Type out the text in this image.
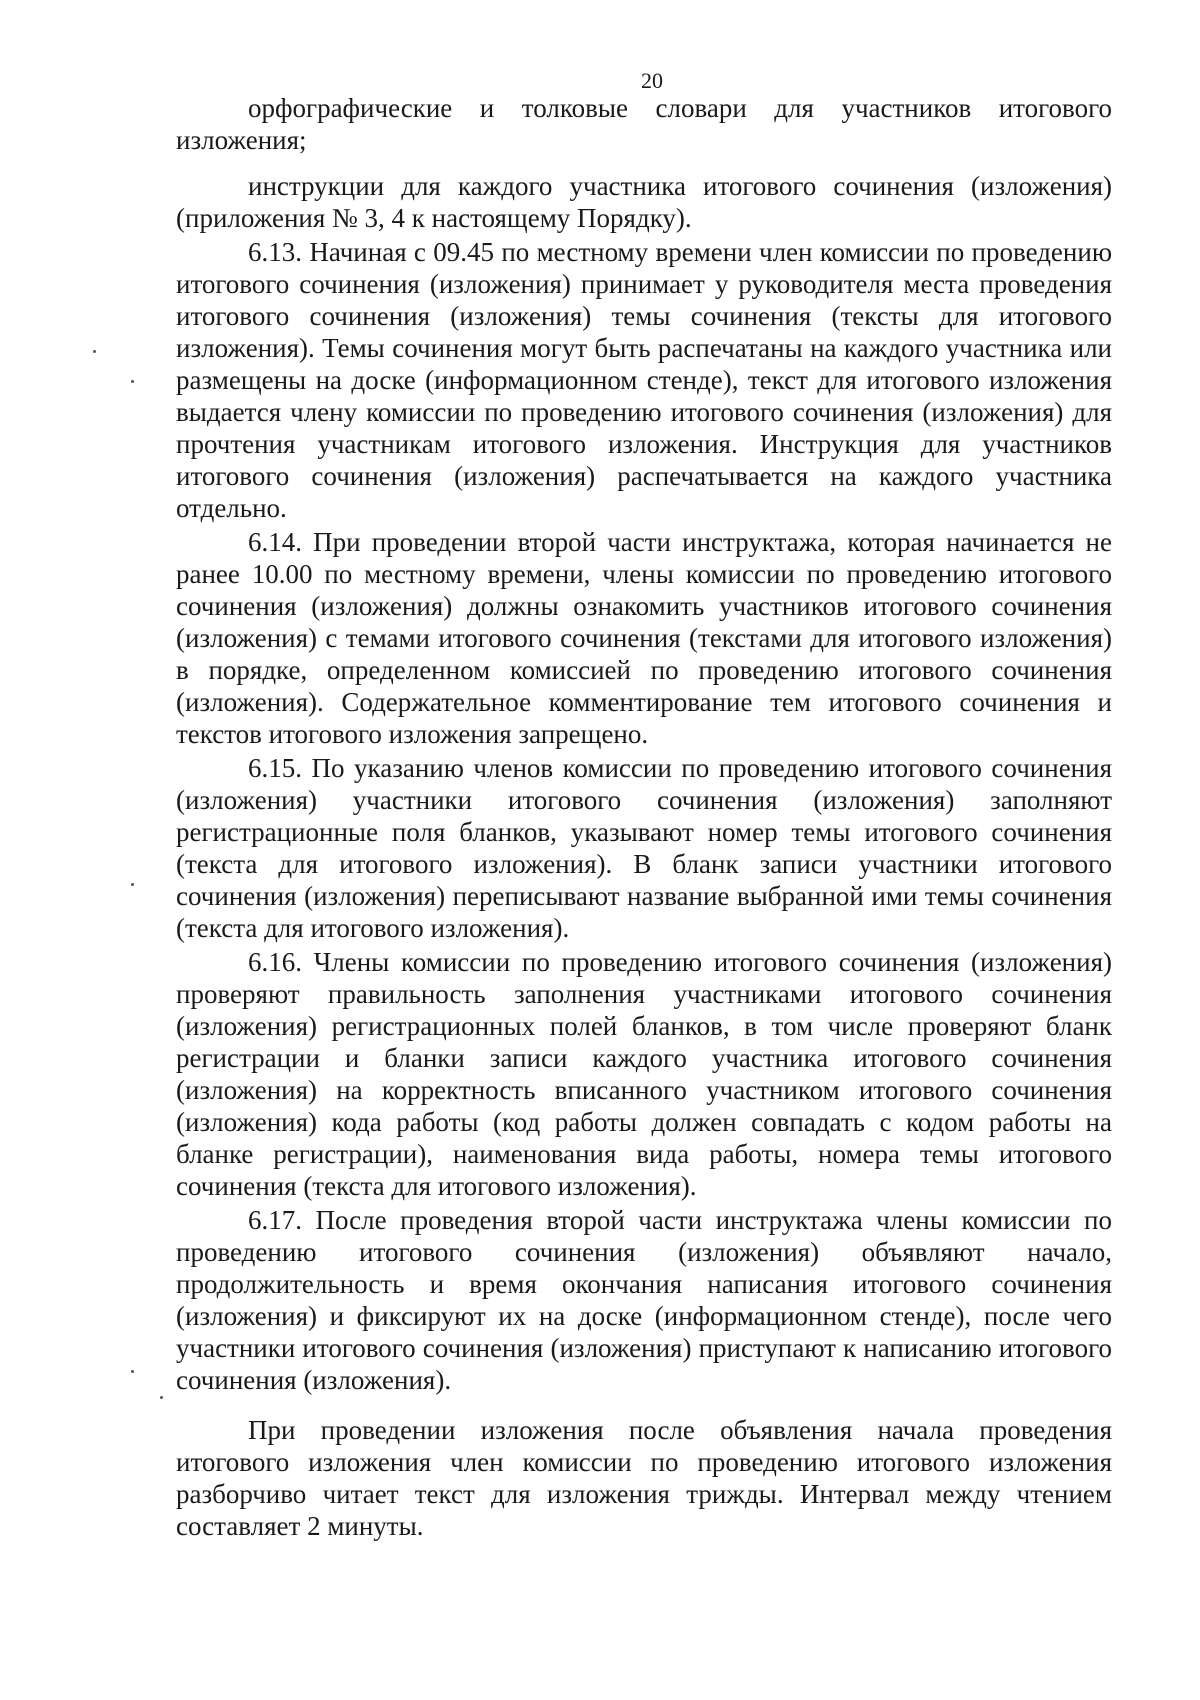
20

орфографические и толковые словари для участников итогового изложения;

инструкции для каждого участника итогового сочинения (изложения) (приложения № 3, 4 к настоящему Порядку).

6.13. Начиная с 09.45 по местному времени член комиссии по проведению итогового сочинения (изложения) принимает у руководителя места проведения итогового сочинения (изложения) темы сочинения (тексты для итогового изложения). Темы сочинения могут быть распечатаны на каждого участника или размещены на доске (информационном стенде), текст для итогового изложения выдается члену комиссии по проведению итогового сочинения (изложения) для прочтения участникам итогового изложения. Инструкция для участников итогового сочинения (изложения) распечатывается на каждого участника отдельно.

6.14. При проведении второй части инструктажа, которая начинается не ранее 10.00 по местному времени, члены комиссии по проведению итогового сочинения (изложения) должны ознакомить участников итогового сочинения (изложения) с темами итогового сочинения (текстами для итогового изложения) в порядке, определенном комиссией по проведению итогового сочинения (изложения). Содержательное комментирование тем итогового сочинения и текстов итогового изложения запрещено.

6.15. По указанию членов комиссии по проведению итогового сочинения (изложения) участники итогового сочинения (изложения) заполняют регистрационные поля бланков, указывают номер темы итогового сочинения (текста для итогового изложения). В бланк записи участники итогового сочинения (изложения) переписывают название выбранной ими темы сочинения (текста для итогового изложения).

6.16. Члены комиссии по проведению итогового сочинения (изложения) проверяют правильность заполнения участниками итогового сочинения (изложения) регистрационных полей бланков, в том числе проверяют бланк регистрации и бланки записи каждого участника итогового сочинения (изложения) на корректность вписанного участником итогового сочинения (изложения) кода работы (код работы должен совпадать с кодом работы на бланке регистрации), наименования вида работы, номера темы итогового сочинения (текста для итогового изложения).

6.17. После проведения второй части инструктажа члены комиссии по проведению итогового сочинения (изложения) объявляют начало, продолжительность и время окончания написания итогового сочинения (изложения) и фиксируют их на доске (информационном стенде), после чего участники итогового сочинения (изложения) приступают к написанию итогового сочинения (изложения).

При проведении изложения после объявления начала проведения итогового изложения член комиссии по проведению итогового изложения разборчиво читает текст для изложения трижды. Интервал между чтением составляет 2 минуты.
